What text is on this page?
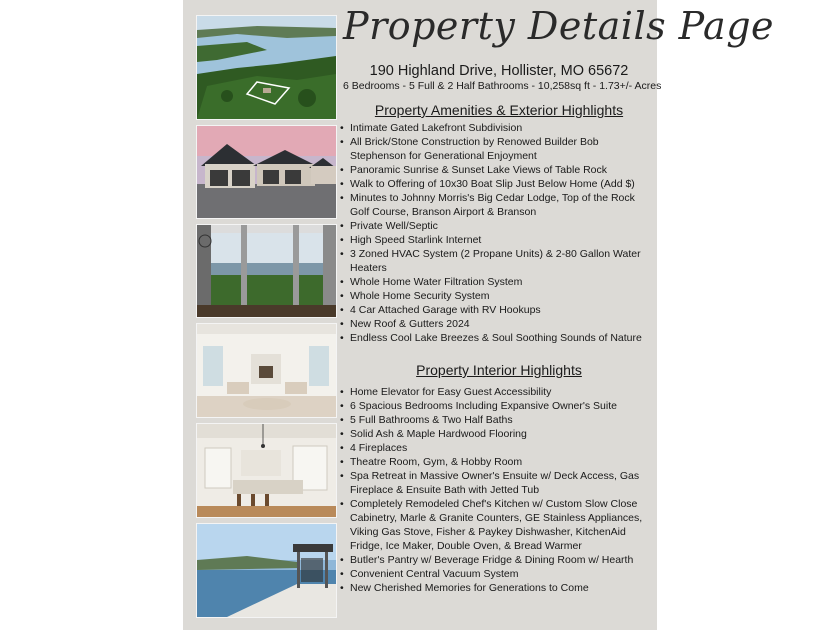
Property Details Page
190 Highland Drive, Hollister, MO 65672
6 Bedrooms - 5 Full & 2 Half Bathrooms - 10,258sq ft - 1.73+/- Acres
Property Amenities & Exterior Highlights
• Intimate Gated Lakefront Subdivision
• All Brick/Stone Construction by Renowed Builder Bob Stephenson for Generational Enjoyment
• Panoramic Sunrise & Sunset Lake Views of Table Rock
• Walk to Offering of 10x30 Boat Slip Just Below Home (Add $)
• Minutes to Johnny Morris's Big Cedar Lodge, Top of the Rock Golf Course, Branson Airport & Branson
• Private Well/Septic
• High Speed Starlink Internet
• 3 Zoned HVAC System (2 Propane Units) & 2-80 Gallon Water Heaters
• Whole Home Water Filtration System
• Whole Home Security System
• 4 Car Attached Garage with RV Hookups
• New Roof & Gutters 2024
• Endless Cool Lake Breezes & Soul Soothing Sounds of Nature
Property Interior Highlights
• Home Elevator for Easy Guest Accessibility
• 6 Spacious Bedrooms Including Expansive Owner's Suite
• 5 Full Bathrooms & Two Half Baths
• Solid Ash & Maple Hardwood Flooring
• 4 Fireplaces
• Theatre Room, Gym, & Hobby Room
• Spa Retreat in Massive Owner's Ensuite w/ Deck Access, Gas Fireplace & Ensuite Bath with Jetted Tub
• Completely Remodeled Chef's Kitchen w/ Custom Slow Close Cabinetry, Marle & Granite Counters, GE Stainless Appliances, Viking Gas Stove, Fisher & Paykey Dishwasher, KitchenAid Fridge, Ice Maker, Double Oven, & Bread Warmer
• Butler's Pantry w/ Beverage Fridge & Dining Room w/ Hearth
• Convenient Central Vacuum System
• New Cherished Memories for Generations to Come
